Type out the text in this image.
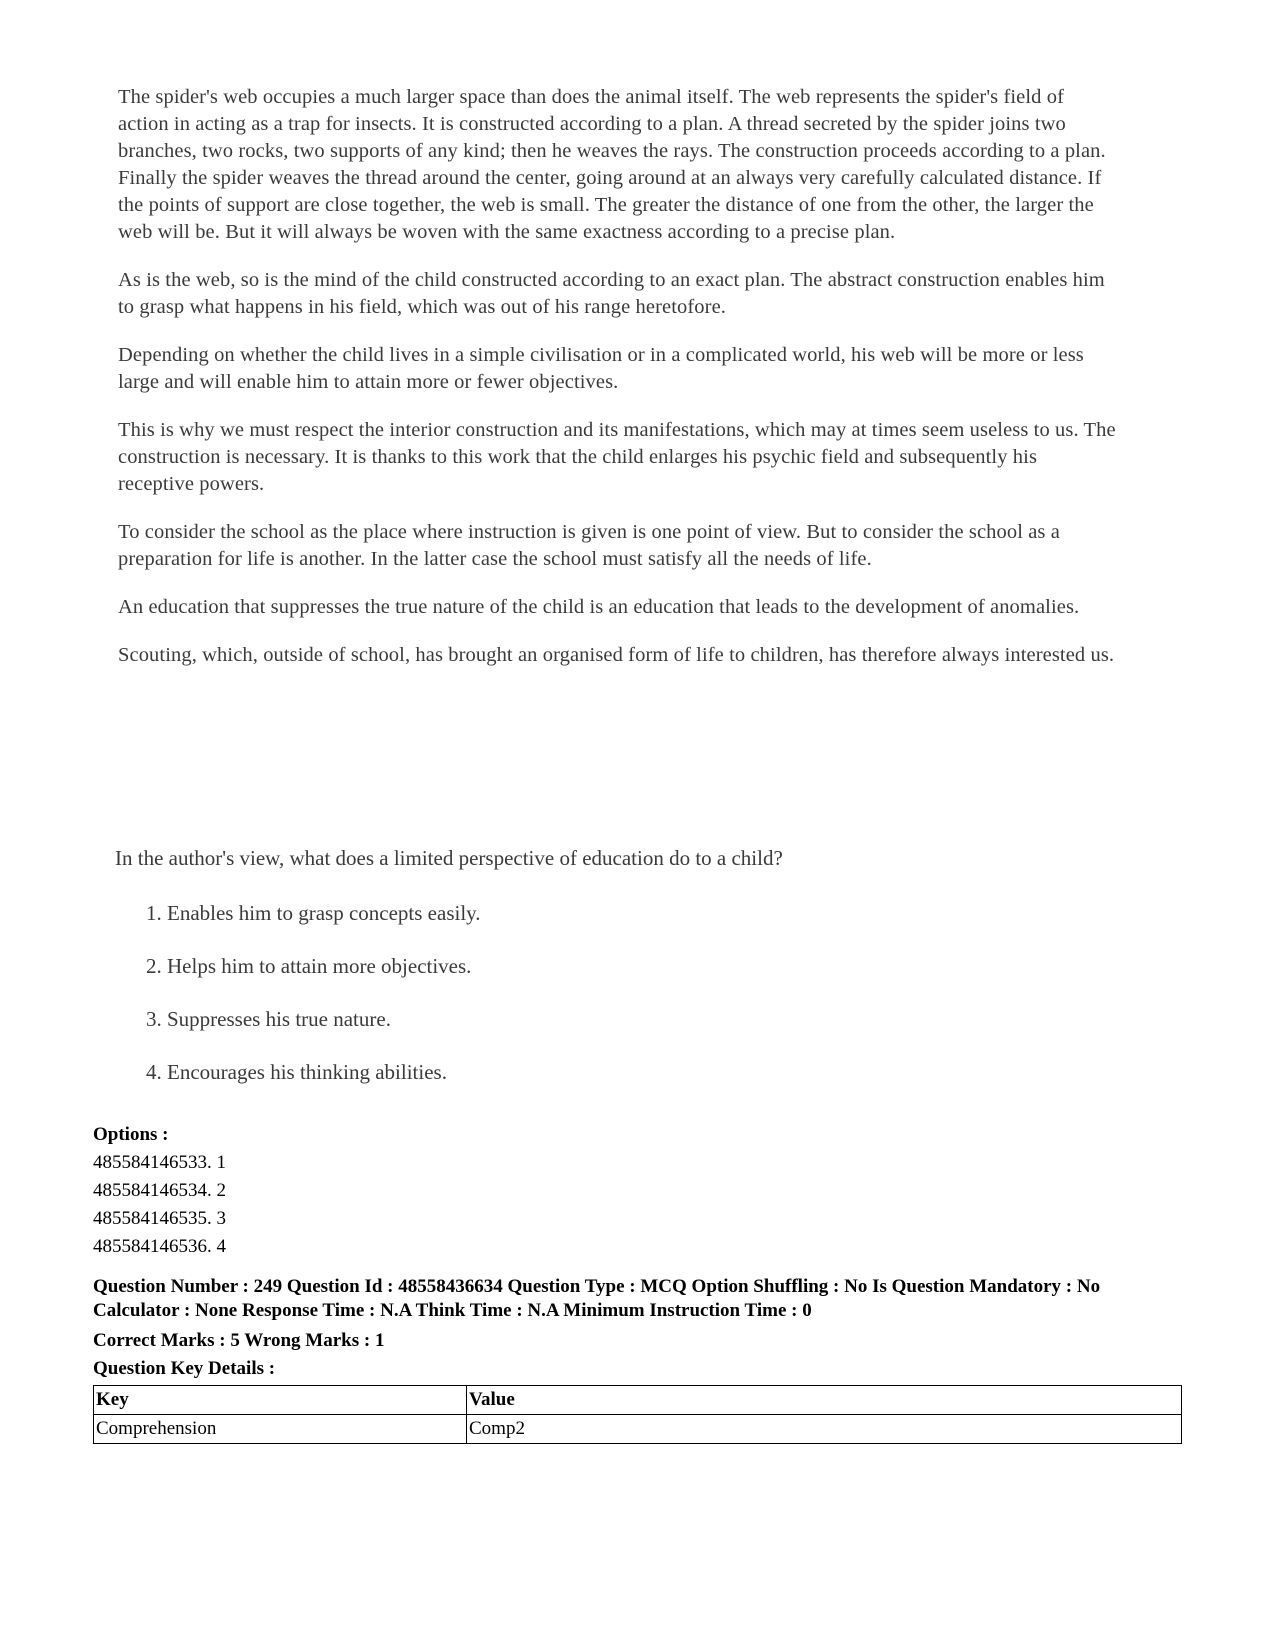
The spider's web occupies a much larger space than does the animal itself. The web represents the spider's field of action in acting as a trap for insects. It is constructed according to a plan. A thread secreted by the spider joins two branches, two rocks, two supports of any kind; then he weaves the rays. The construction proceeds according to a plan. Finally the spider weaves the thread around the center, going around at an always very carefully calculated distance. If the points of support are close together, the web is small. The greater the distance of one from the other, the larger the web will be. But it will always be woven with the same exactness according to a precise plan.

As is the web, so is the mind of the child constructed according to an exact plan. The abstract construction enables him to grasp what happens in his field, which was out of his range heretofore.

Depending on whether the child lives in a simple civilisation or in a complicated world, his web will be more or less large and will enable him to attain more or fewer objectives.

This is why we must respect the interior construction and its manifestations, which may at times seem useless to us. The construction is necessary. It is thanks to this work that the child enlarges his psychic field and subsequently his receptive powers.

To consider the school as the place where instruction is given is one point of view. But to consider the school as a preparation for life is another. In the latter case the school must satisfy all the needs of life.

An education that suppresses the true nature of the child is an education that leads to the development of anomalies.

Scouting, which, outside of school, has brought an organised form of life to children, has therefore always interested us.

In the author's view, what does a limited perspective of education do to a child?

1. Enables him to grasp concepts easily.
2. Helps him to attain more objectives.
3. Suppresses his true nature.
4. Encourages his thinking abilities.

Options :

485584146533. 1
485584146534. 2
485584146535. 3
485584146536. 4
Question Number : 249 Question Id : 48558436634 Question Type : MCQ Option Shuffling : No Is Question Mandatory : No Calculator : None Response Time : N.A Think Time : N.A Minimum Instruction Time : 0
Correct Marks : 5 Wrong Marks : 1
Question Key Details :
Key	Value
Comprehension	Comp2
